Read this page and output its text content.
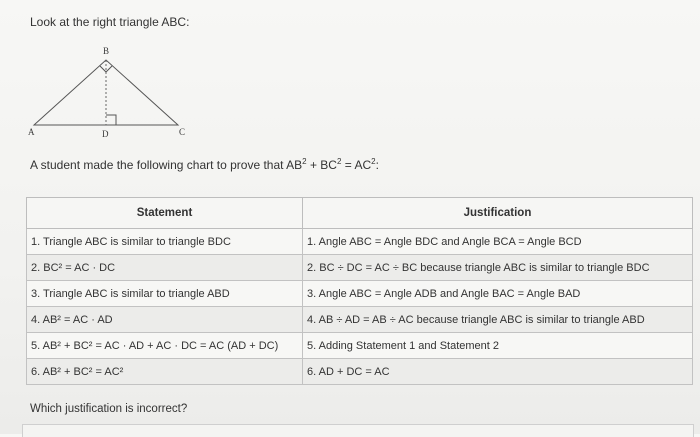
Look at the right triangle ABC:
B
A	D	C
A student made the following chart to prove that $AB^2 + BC^2 = AC^2$:
Statement	Justification
1. Triangle ABC is similar to triangle BDC	1. Angle ABC = Angle BDC and Angle BCA = Angle BCD
2. BC² = AC · DC	2. BC ÷ DC = AC ÷ BC because triangle ABC is similar to triangle BDC
3. Triangle ABC is similar to triangle ABD	3. Angle ABC = Angle ADB and Angle BAC = Angle BAD
4. AB² = AC · AD	4. AB ÷ AD = AB ÷ AC because triangle ABC is similar to triangle ABD
5. AB² + BC² = AC · AD + AC · DC = AC (AD + DC)	5. Adding Statement 1 and Statement 2
6. AB² + BC² = AC²	6. AD + DC = AC
Which justification is incorrect?
